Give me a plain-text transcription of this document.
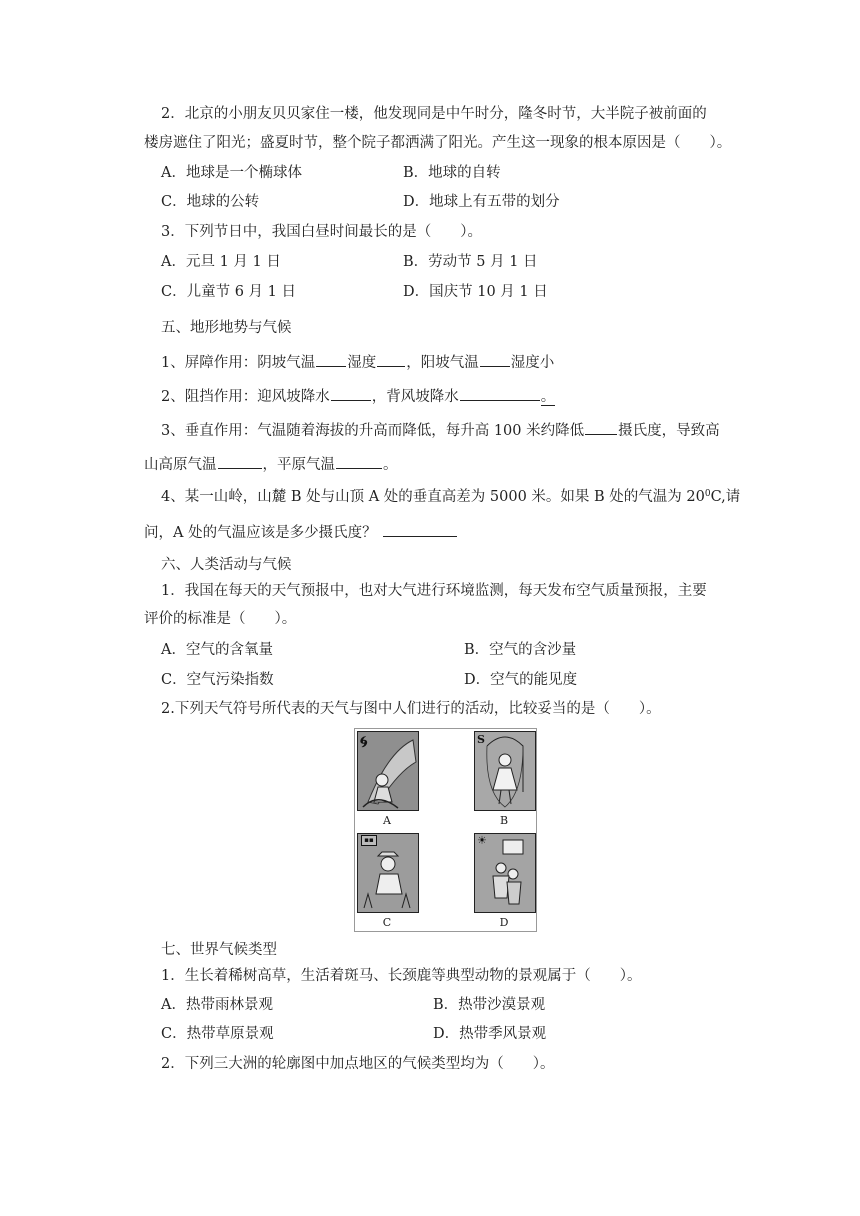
2．北京的小朋友贝贝家住一楼，他发现同是中午时分，隆冬时节，大半院子被前面的
楼房遮住了阳光；盛夏时节，整个院子都洒满了阳光。产生这一现象的根本原因是（　　）。
A．地球是一个椭球体	B．地球的自转
C．地球的公转	D．地球上有五带的划分
3．下列节日中，我国白昼时间最长的是（　　）。
A．元旦 1 月 1 日	B．劳动节 5 月 1 日
C．儿童节 6 月 1 日	D．国庆节 10 月 1 日
五、地形地势与气候
1、屏障作用：阴坡气温 湿度 ，阳坡气温 湿度小
2、阻挡作用：迎风坡降水	，背风坡降水	。
3、垂直作用：气温随着海拔的升高而降低，每升高 100 米约降低 摄氏度，导致高
山高原气温	，平原气温	。
4、某一山岭，山麓 B 处与山顶 A 处的垂直高差为 5000 米。如果 B 处的气温为 $20^0C$,请
问，A 处的气温应该是多少摄氏度？
六、人类活动与气候
1．我国在每天的天气预报中，也对大气进行环境监测，每天发布空气质量预报，主要
评价的标准是（　　）。
A．空气的含氧量	B．空气的含沙量
C．空气污染指数	D．空气的能见度
2.下列天气符号所代表的天气与图中人们进行的活动，比较妥当的是（　　）。
🌀︎
A
S
B
▪▪
C
☀
D
七、世界气候类型
1．生长着稀树高草，生活着斑马、长颈鹿等典型动物的景观属于（　　）。
A．热带雨林景观	B．热带沙漠景观
C．热带草原景观	D．热带季风景观
2．下列三大洲的轮廓图中加点地区的气候类型均为（　　）。
